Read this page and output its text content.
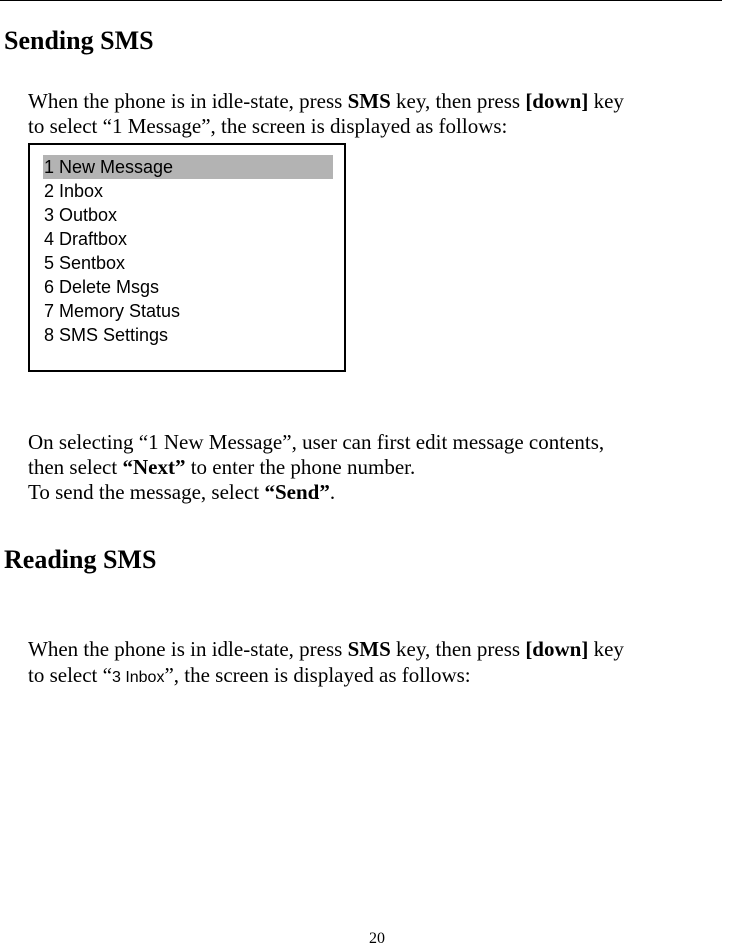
Sending SMS
When the phone is in idle-state, press SMS key, then press [down] key
to select “1 Message”, the screen is displayed as follows:
1 New Message
2 Inbox
3 Outbox
4 Draftbox
5 Sentbox
6 Delete Msgs
7 Memory Status
8 SMS Settings
On selecting “1 New Message”, user can first edit message contents,
then select “Next” to enter the phone number.
To send the message, select “Send”.
Reading SMS
When the phone is in idle-state, press SMS key, then press [down] key
to select “3 Inbox”, the screen is displayed as follows:
20
